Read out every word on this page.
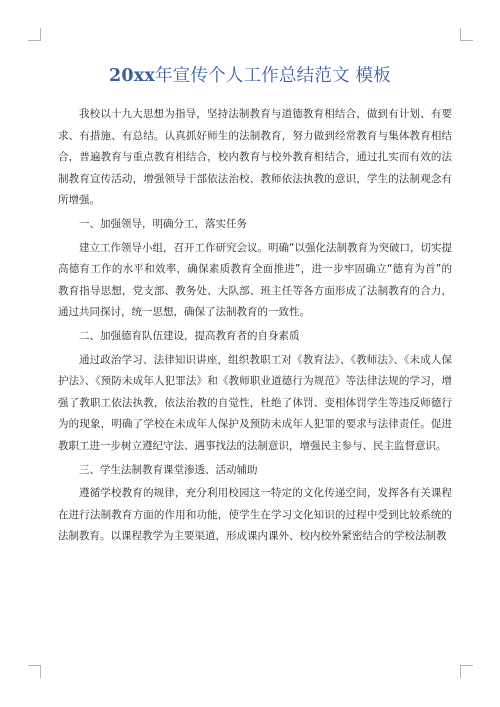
20xx年宣传个人工作总结范文 模板

我校以十九大思想为指导，坚持法制教育与道德教育相结合，做到有计划、有要求、有措施、有总结。认真抓好师生的法制教育，努力做到经常教育与集体教育相结合，普遍教育与重点教育相结合，校内教育与校外教育相结合，通过扎实而有效的法制教育宣传活动，增强领导干部依法治校、教师依法执教的意识，学生的法制观念有所增强。

一、加强领导，明确分工，落实任务

建立工作领导小组，召开工作研究会议。明确“以强化法制教育为突破口，切实提高德育工作的水平和效率，确保素质教育全面推进”，进一步牢固确立“德育为首”的教育指导思想，党支部、教务处、大队部、班主任等各方面形成了法制教育的合力，通过共同探讨，统一思想，确保了法制教育的一致性。

二、加强德育队伍建设，提高教育者的自身素质

通过政治学习、法律知识讲座，组织教职工对《教育法》、《教师法》、《未成人保护法》、《预防未成年人犯罪法》和《教师职业道德行为规范》等法律法规的学习，增强了教职工依法执教，依法治教的自觉性，杜绝了体罚、变相体罚学生等违反师德行为的现象，明确了学校在未成年人保护及预防未成年人犯罪的要求与法律责任。促进教职工进一步树立遵纪守法、遇事找法的法制意识，增强民主参与、民主监督意识。

三、学生法制教育课堂渗透、活动辅助

遵循学校教育的规律，充分利用校园这一特定的文化传递空间，发挥各有关课程在进行法制教育方面的作用和功能，使学生在学习文化知识的过程中受到比较系统的法制教育。以课程教学为主要渠道，形成课内课外、校内校外紧密结合的学校法制教
